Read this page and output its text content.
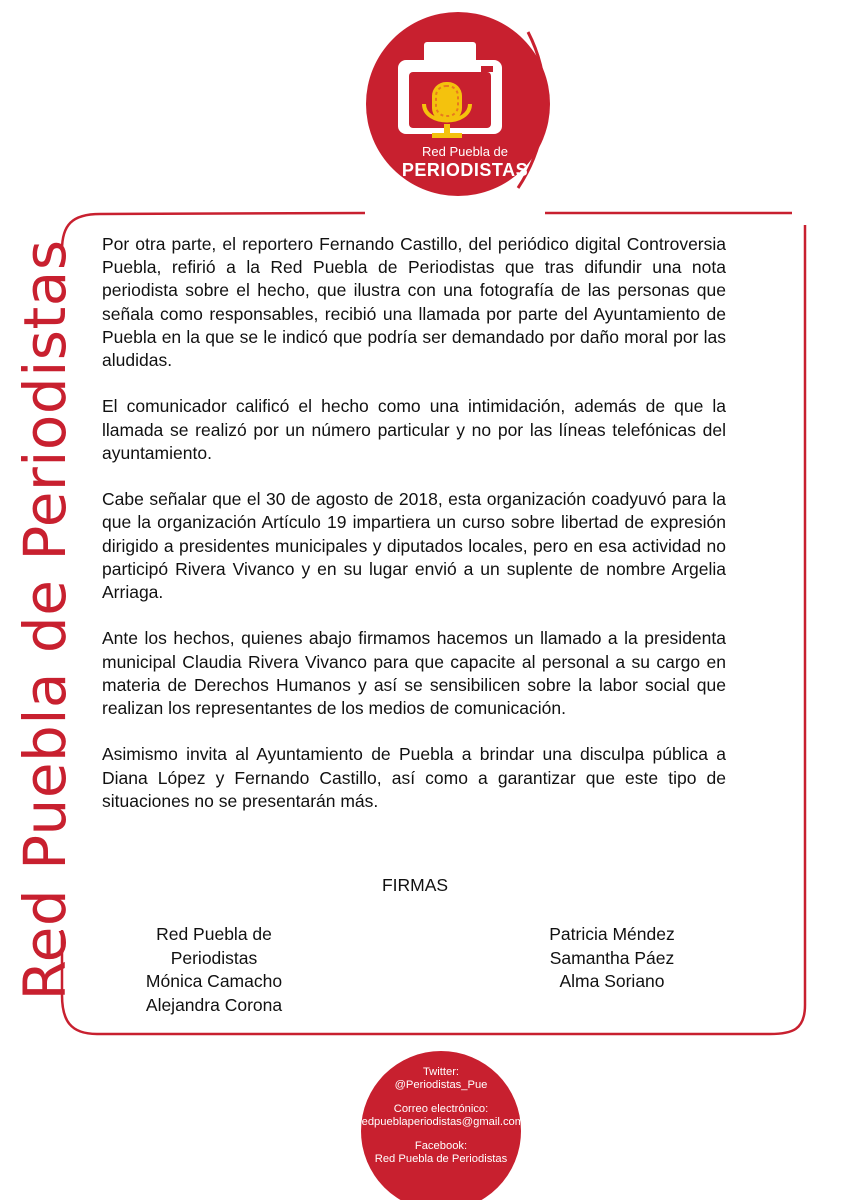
Red Puebla de
PERIODISTAS
Red Puebla de Periodistas Por otra parte, el reportero Fernando Castillo, del periódico digital Controversia Puebla, refirió a la Red Puebla de Periodistas que tras difundir una nota periodista sobre el hecho, que ilustra con una fotografía de las personas que señala como responsables, recibió una llamada por parte del Ayuntamiento de Puebla en la que se le indicó que podría ser demandado por daño moral por las aludidas.

El comunicador calificó el hecho como una intimidación, además de que la llamada se realizó por un número particular y no por las líneas telefónicas del ayuntamiento.

Cabe señalar que el 30 de agosto de 2018, esta organización coadyuvó para la que la organización Artículo 19 impartiera un curso sobre libertad de expresión dirigido a presidentes municipales y diputados locales, pero en esa actividad no participó Rivera Vivanco y en su lugar envió a un suplente de nombre Argelia Arriaga.

Ante los hechos, quienes abajo firmamos hacemos un llamado a la presidenta municipal Claudia Rivera Vivanco para que capacite al personal a su cargo en materia de Derechos Humanos y así se sensibilicen sobre la labor social que realizan los representantes de los medios de comunicación.

Asimismo invita al Ayuntamiento de Puebla a brindar una disculpa pública a Diana López y Fernando Castillo, así como a garantizar que este tipo de situaciones no se presentarán más.

FIRMAS
Red Puebla de
Periodistas
Mónica Camacho
Alejandra Corona
Patricia Méndez
Samantha Páez
Alma Soriano
Twitter:
@Periodistas_Pue
Correo electrónico:
redpueblaperiodistas@gmail.com
Facebook:
Red Puebla de Periodistas
